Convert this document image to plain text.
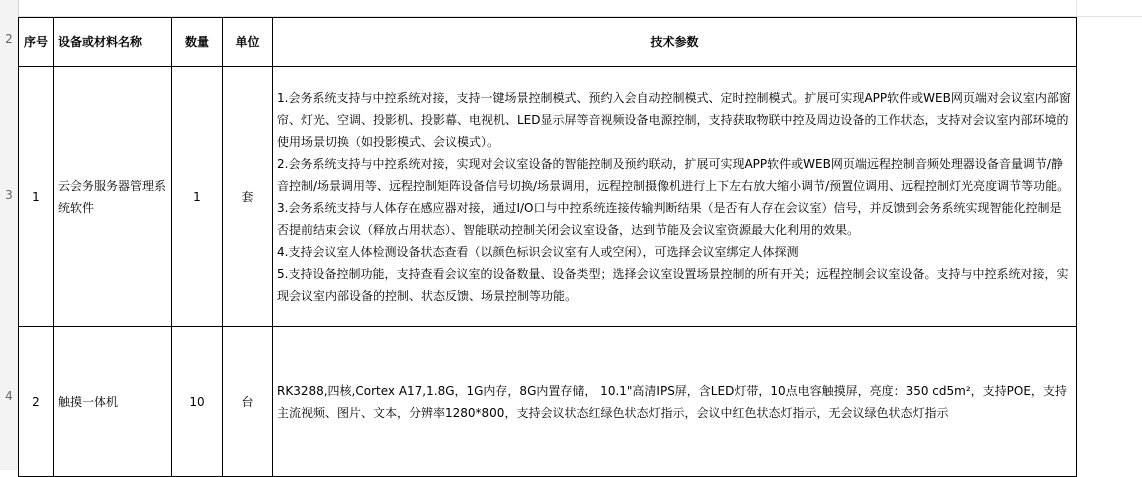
2
3
4
序号	设备或材料名称	数量	单位	技术参数
1	云会务服务器管理系统软件	1	套	1.会务系统支持与中控系统对接，支持一键场景控制模式、预约入会自动控制模式、定时控制模式。扩展可实现APP软件或WEB网页端对会议室内部窗帘、灯光、空调、投影机、投影幕、电视机、LED显示屏等音视频设备电源控制，支持获取物联中控及周边设备的工作状态，支持对会议室内部环境的使用场景切换（如投影模式、会议模式）。
2.会务系统支持与中控系统对接，实现对会议室设备的智能控制及预约联动，扩展可实现APP软件或WEB网页端远程控制音频处理器设备音量调节/静音控制/场景调用等、远程控制矩阵设备信号切换/场景调用，远程控制摄像机进行上下左右放大缩小调节/预置位调用、远程控制灯光亮度调节等功能。
3.会务系统支持与人体存在感应器对接，通过I/O口与中控系统连接传输判断结果（是否有人存在会议室）信号，并反馈到会务系统实现智能化控制是否提前结束会议（释放占用状态）、智能联动控制关闭会议室设备，达到节能及会议室资源最大化利用的效果。
4.支持会议室人体检测设备状态查看（以颜色标识会议室有人或空闲），可选择会议室绑定人体探测
5.支持设备控制功能，支持查看会议室的设备数量、设备类型；选择会议室设置场景控制的所有开关；远程控制会议室设备。支持与中控系统对接，实现会议室内部设备的控制、状态反馈、场景控制等功能。

2	触摸一体机	10	台	RK3288,四核,Cortex A17,1.8G，1G内存，8G内置存储， 10.1"高清IPS屏，含LED灯带，10点电容触摸屏，亮度：350 cd5m²，支持POE，支持主流视频、图片、文本，分辨率1280*800，支持会议状态红绿色状态灯指示，会议中红色状态灯指示，无会议绿色状态灯指示
